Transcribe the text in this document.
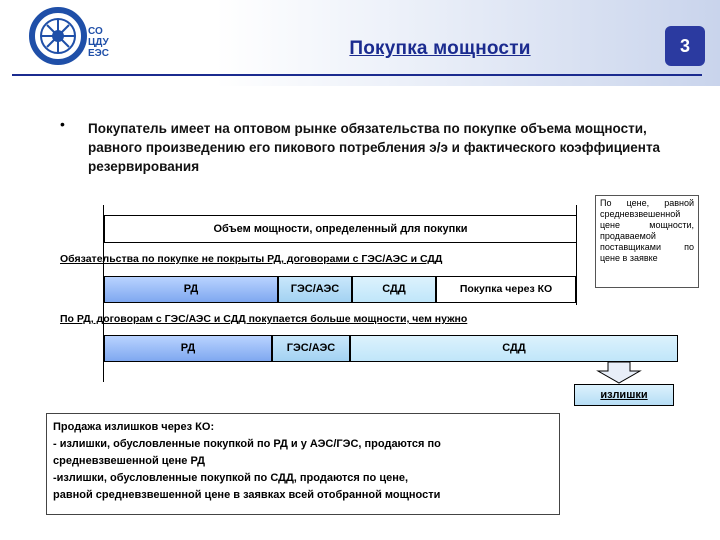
СО
ЦДУ
ЕЭС	Покупка мощности	3
• Покупатель имеет на оптовом рынке обязательства по покупке объема мощности, равного произведению его пикового потребления э/э и фактического коэффициента резервирования
По цене, равной средневзвешенной цене мощности, продаваемой поставщиками по цене в заявке
Объем мощности, определенный для покупки
Обязательства по покупке не покрыты РД, договорами с ГЭС/АЭС и СДД
РД	ГЭС/АЭС	СДД	Покупка через КО
По РД, договорам с ГЭС/АЭС и СДД покупается больше мощности, чем нужно
РД	ГЭС/АЭС	СДД
излишки
Продажа излишков через КО:
- излишки, обусловленные покупкой по РД и у АЭС/ГЭС, продаются по
средневзвешенной цене РД
-излишки, обусловленные покупкой по СДД, продаются по цене,
равной средневзвешенной цене в заявках всей отобранной мощности
